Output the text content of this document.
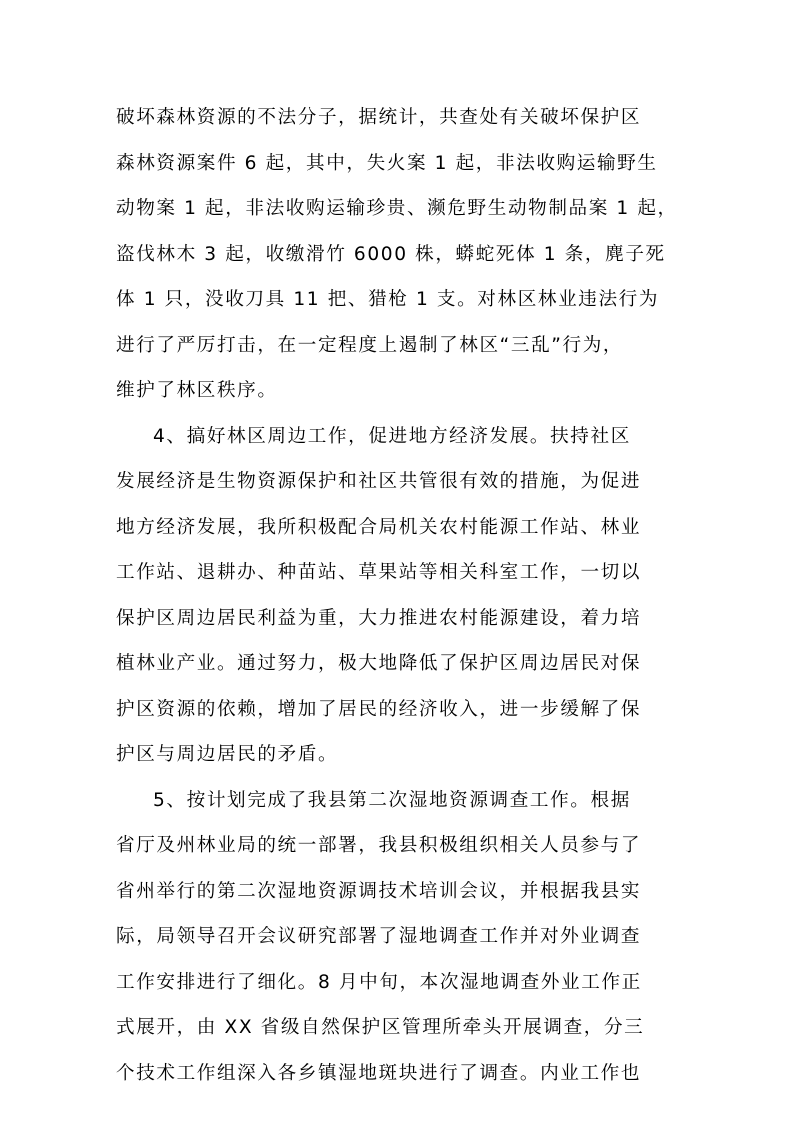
破坏森林资源的不法分子，据统计，共查处有关破坏保护区
森林资源案件 6 起，其中，失火案 1 起，非法收购运输野生
动物案 1 起，非法收购运输珍贵、濒危野生动物制品案 1 起，
盗伐林木 3 起，收缴滑竹 6000 株，蟒蛇死体 1 条，麂子死
体 1 只，没收刀具 11 把、猎枪 1 支。对林区林业违法行为
进行了严厉打击，在一定程度上遏制了林区“三乱”行为，
维护了林区秩序。
4、搞好林区周边工作，促进地方经济发展。扶持社区
发展经济是生物资源保护和社区共管很有效的措施，为促进
地方经济发展，我所积极配合局机关农村能源工作站、林业
工作站、退耕办、种苗站、草果站等相关科室工作，一切以
保护区周边居民利益为重，大力推进农村能源建设，着力培
植林业产业。通过努力，极大地降低了保护区周边居民对保
护区资源的依赖，增加了居民的经济收入，进一步缓解了保
护区与周边居民的矛盾。
5、按计划完成了我县第二次湿地资源调查工作。根据
省厅及州林业局的统一部署，我县积极组织相关人员参与了
省州举行的第二次湿地资源调技术培训会议，并根据我县实
际，局领导召开会议研究部署了湿地调查工作并对外业调查
工作安排进行了细化。8 月中旬，本次湿地调查外业工作正
式展开，由 XX 省级自然保护区管理所牵头开展调查，分三
个技术工作组深入各乡镇湿地斑块进行了调查。内业工作也
